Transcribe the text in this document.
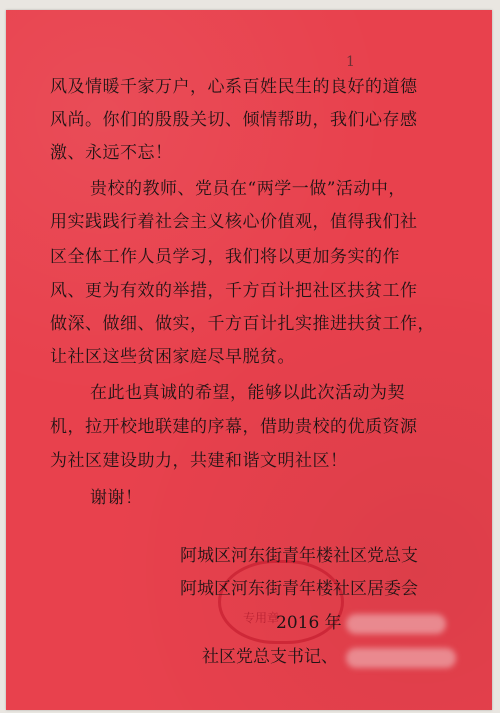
1
风及情暖千家万户，心系百姓民生的良好的道德
风尚。你们的殷殷关切、倾情帮助，我们心存感
激、永远不忘！
贵校的教师、党员在“两学一做”活动中，
用实践践行着社会主义核心价值观，值得我们社
区全体工作人员学习，我们将以更加务实的作
风、更为有效的举措，千方百计把社区扶贫工作
做深、做细、做实，千方百计扎实推进扶贫工作，
让社区这些贫困家庭尽早脱贫。
在此也真诚的希望，能够以此次活动为契
机，拉开校地联建的序幕，借助贵校的优质资源
为社区建设助力，共建和谐文明社区！
谢谢！
专用章
阿城区河东街青年楼社区党总支
阿城区河东街青年楼社区居委会
2016 年
社区党总支书记、
